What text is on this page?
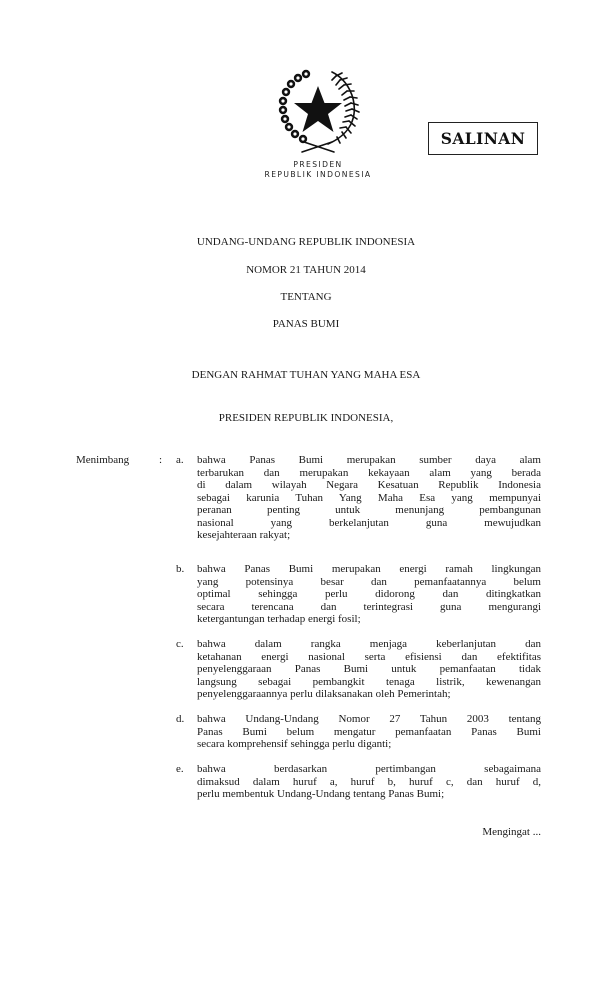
PRESIDEN
REPUBLIK INDONESIA
SALINAN
UNDANG-UNDANG REPUBLIK INDONESIA
NOMOR 21 TAHUN 2014
TENTANG
PANAS BUMI
DENGAN RAHMAT TUHAN YANG MAHA ESA
PRESIDEN REPUBLIK INDONESIA,
Menimbang	: a. bahwa Panas Bumi merupakan sumber daya alam
terbarukan dan merupakan kekayaan alam yang berada
di dalam wilayah Negara Kesatuan Republik Indonesia
sebagai karunia Tuhan Yang Maha Esa yang mempunyai
peranan penting untuk menunjang pembangunan
nasional yang berkelanjutan guna mewujudkan
kesejahteraan rakyat;
b. bahwa Panas Bumi merupakan energi ramah lingkungan
yang potensinya besar dan pemanfaatannya belum
optimal sehingga perlu didorong dan ditingkatkan
secara terencana dan terintegrasi guna mengurangi
ketergantungan terhadap energi fosil;
c. bahwa dalam rangka menjaga keberlanjutan dan
ketahanan energi nasional serta efisiensi dan efektifitas
penyelenggaraan Panas Bumi untuk pemanfaatan tidak
langsung sebagai pembangkit tenaga listrik, kewenangan
penyelenggaraannya perlu dilaksanakan oleh Pemerintah;
d. bahwa Undang-Undang Nomor 27 Tahun 2003 tentang
Panas Bumi belum mengatur pemanfaatan Panas Bumi
secara komprehensif sehingga perlu diganti;
e. bahwa berdasarkan pertimbangan sebagaimana
dimaksud dalam huruf a, huruf b, huruf c, dan huruf d,
perlu membentuk Undang-Undang tentang Panas Bumi;
Mengingat ...
